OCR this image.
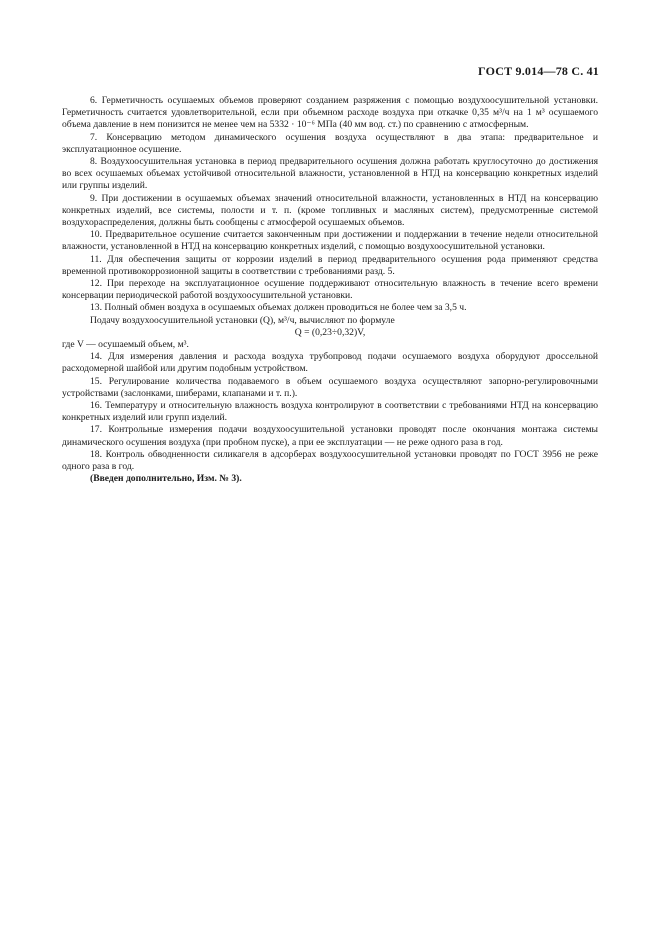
ГОСТ 9.014—78 С. 41

6. Герметичность осушаемых объемов проверяют созданием разряжения с помощью воздухоосушительной установки. Герметичность считается удовлетворительной, если при объемном расходе воздуха при откачке 0,35 м³/ч на 1 м³ осушаемого объема давление в нем понизится не менее чем на 5332 · 10⁻⁶ МПа (40 мм вод. ст.) по сравнению с атмосферным.

7. Консервацию методом динамического осушения воздуха осуществляют в два этапа: предварительное и эксплуатационное осушение.

8. Воздухоосушительная установка в период предварительного осушения должна работать круглосуточно до достижения во всех осушаемых объемах устойчивой относительной влажности, установленной в НТД на консервацию конкретных изделий или группы изделий.

9. При достижении в осушаемых объемах значений относительной влажности, установленных в НТД на консервацию конкретных изделий, все системы, полости и т. п. (кроме топливных и масляных систем), предусмотренные системой воздухораспределения, должны быть сообщены с атмосферой осушаемых объемов.

10. Предварительное осушение считается законченным при достижении и поддержании в течение недели относительной влажности, установленной в НТД на консервацию конкретных изделий, с помощью воздухоосушительной установки.

11. Для обеспечения защиты от коррозии изделий в период предварительного осушения рода применяют средства временной противокоррозионной защиты в соответствии с требованиями разд. 5.

12. При переходе на эксплуатационное осушение поддерживают относительную влажность в течение всего времени консервации периодической работой воздухоосушительной установки.

13. Полный обмен воздуха в осушаемых объемах должен проводиться не более чем за 3,5 ч.

Подачу воздухоосушительной установки (Q), м³/ч, вычисляют по формуле

Q = (0,23÷0,32)V,

где V — осушаемый объем, м³.

14. Для измерения давления и расхода воздуха трубопровод подачи осушаемого воздуха оборудуют дроссельной расходомерной шайбой или другим подобным устройством.

15. Регулирование количества подаваемого в объем осушаемого воздуха осуществляют запорно-регулировочными устройствами (заслонками, шиберами, клапанами и т. п.).

16. Температуру и относительную влажность воздуха контролируют в соответствии с требованиями НТД на консервацию конкретных изделий или групп изделий.

17. Контрольные измерения подачи воздухоосушительной установки проводят после окончания монтажа системы динамического осушения воздуха (при пробном пуске), а при ее эксплуатации — не реже одного раза в год.

18. Контроль обводненности силикагеля в адсорберах воздухоосушительной установки проводят по ГОСТ 3956 не реже одного раза в год.

(Введен дополнительно, Изм. № 3).
